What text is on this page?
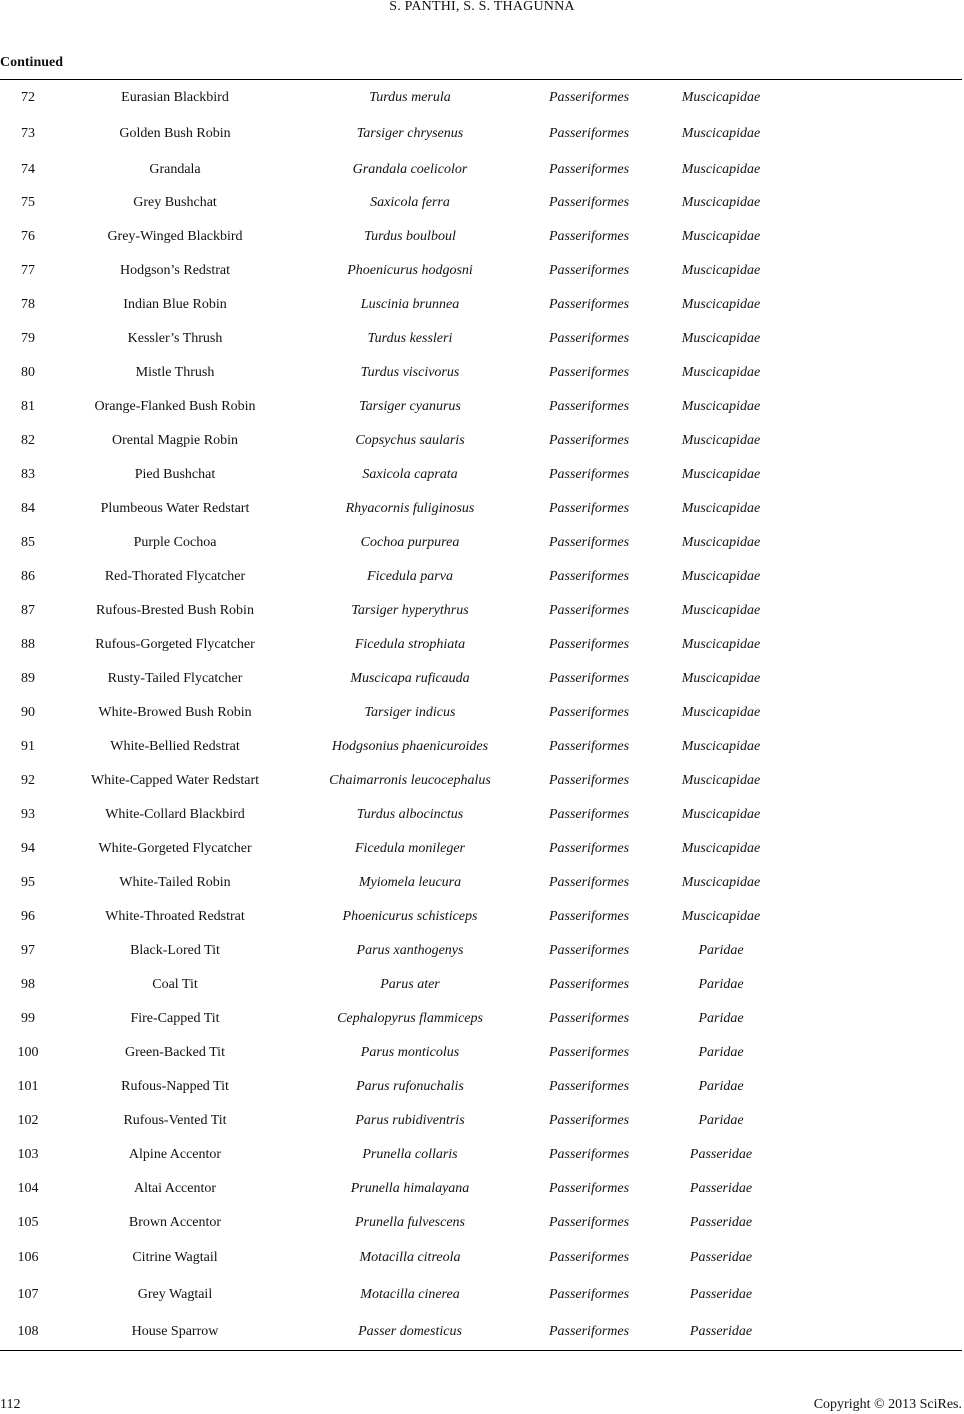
S. PANTHI, S. S. THAGUNNA
Continued
72	Eurasian Blackbird	Turdus merula	Passeriformes	Muscicapidae
73	Golden Bush Robin	Tarsiger chrysenus	Passeriformes	Muscicapidae
74	Grandala	Grandala coelicolor	Passeriformes	Muscicapidae
75	Grey Bushchat	Saxicola ferra	Passeriformes	Muscicapidae
76	Grey-Winged Blackbird	Turdus boulboul	Passeriformes	Muscicapidae
77	Hodgson’s Redstrat	Phoenicurus hodgosni	Passeriformes	Muscicapidae
78	Indian Blue Robin	Luscinia brunnea	Passeriformes	Muscicapidae
79	Kessler’s Thrush	Turdus kessleri	Passeriformes	Muscicapidae
80	Mistle Thrush	Turdus viscivorus	Passeriformes	Muscicapidae
81	Orange-Flanked Bush Robin	Tarsiger cyanurus	Passeriformes	Muscicapidae
82	Orental Magpie Robin	Copsychus saularis	Passeriformes	Muscicapidae
83	Pied Bushchat	Saxicola caprata	Passeriformes	Muscicapidae
84	Plumbeous Water Redstart	Rhyacornis fuliginosus	Passeriformes	Muscicapidae
85	Purple Cochoa	Cochoa purpurea	Passeriformes	Muscicapidae
86	Red-Thorated Flycatcher	Ficedula parva	Passeriformes	Muscicapidae
87	Rufous-Brested Bush Robin	Tarsiger hyperythrus	Passeriformes	Muscicapidae
88	Rufous-Gorgeted Flycatcher	Ficedula strophiata	Passeriformes	Muscicapidae
89	Rusty-Tailed Flycatcher	Muscicapa ruficauda	Passeriformes	Muscicapidae
90	White-Browed Bush Robin	Tarsiger indicus	Passeriformes	Muscicapidae
91	White-Bellied Redstrat	Hodgsonius phaenicuroides	Passeriformes	Muscicapidae
92	White-Capped Water Redstart	Chaimarronis leucocephalus	Passeriformes	Muscicapidae
93	White-Collard Blackbird	Turdus albocinctus	Passeriformes	Muscicapidae
94	White-Gorgeted Flycatcher	Ficedula monileger	Passeriformes	Muscicapidae
95	White-Tailed Robin	Myiomela leucura	Passeriformes	Muscicapidae
96	White-Throated Redstrat	Phoenicurus schisticeps	Passeriformes	Muscicapidae
97	Black-Lored Tit	Parus xanthogenys	Passeriformes	Paridae
98	Coal Tit	Parus ater	Passeriformes	Paridae
99	Fire-Capped Tit	Cephalopyrus flammiceps	Passeriformes	Paridae
100	Green-Backed Tit	Parus monticolus	Passeriformes	Paridae
101	Rufous-Napped Tit	Parus rufonuchalis	Passeriformes	Paridae
102	Rufous-Vented Tit	Parus rubidiventris	Passeriformes	Paridae
103	Alpine Accentor	Prunella collaris	Passeriformes	Passeridae
104	Altai Accentor	Prunella himalayana	Passeriformes	Passeridae
105	Brown Accentor	Prunella fulvescens	Passeriformes	Passeridae
106	Citrine Wagtail	Motacilla citreola	Passeriformes	Passeridae
107	Grey Wagtail	Motacilla cinerea	Passeriformes	Passeridae
108	House Sparrow	Passer domesticus	Passeriformes	Passeridae
112	Copyright © 2013 SciRes.
